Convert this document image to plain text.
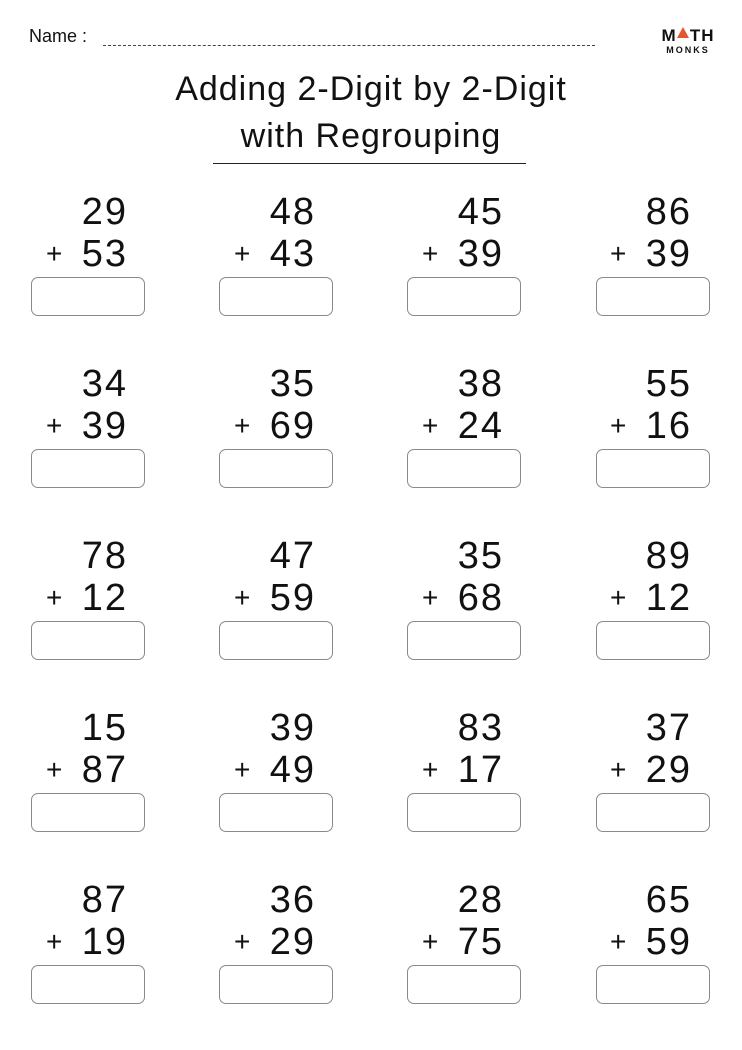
Name :	M TH
MONKS
Adding 2-Digit by 2-Digit
with Regrouping
29
+ 53
48
+ 43
45
+ 39
86
+ 39
34
+ 39
35
+ 69
38
+ 24
55
+ 16
78
+ 12
47
+ 59
35
+ 68
89
+ 12
15
+ 87
39
+ 49
83
+ 17
37
+ 29
87
+ 19
36
+ 29
28
+ 75
65
+ 59
